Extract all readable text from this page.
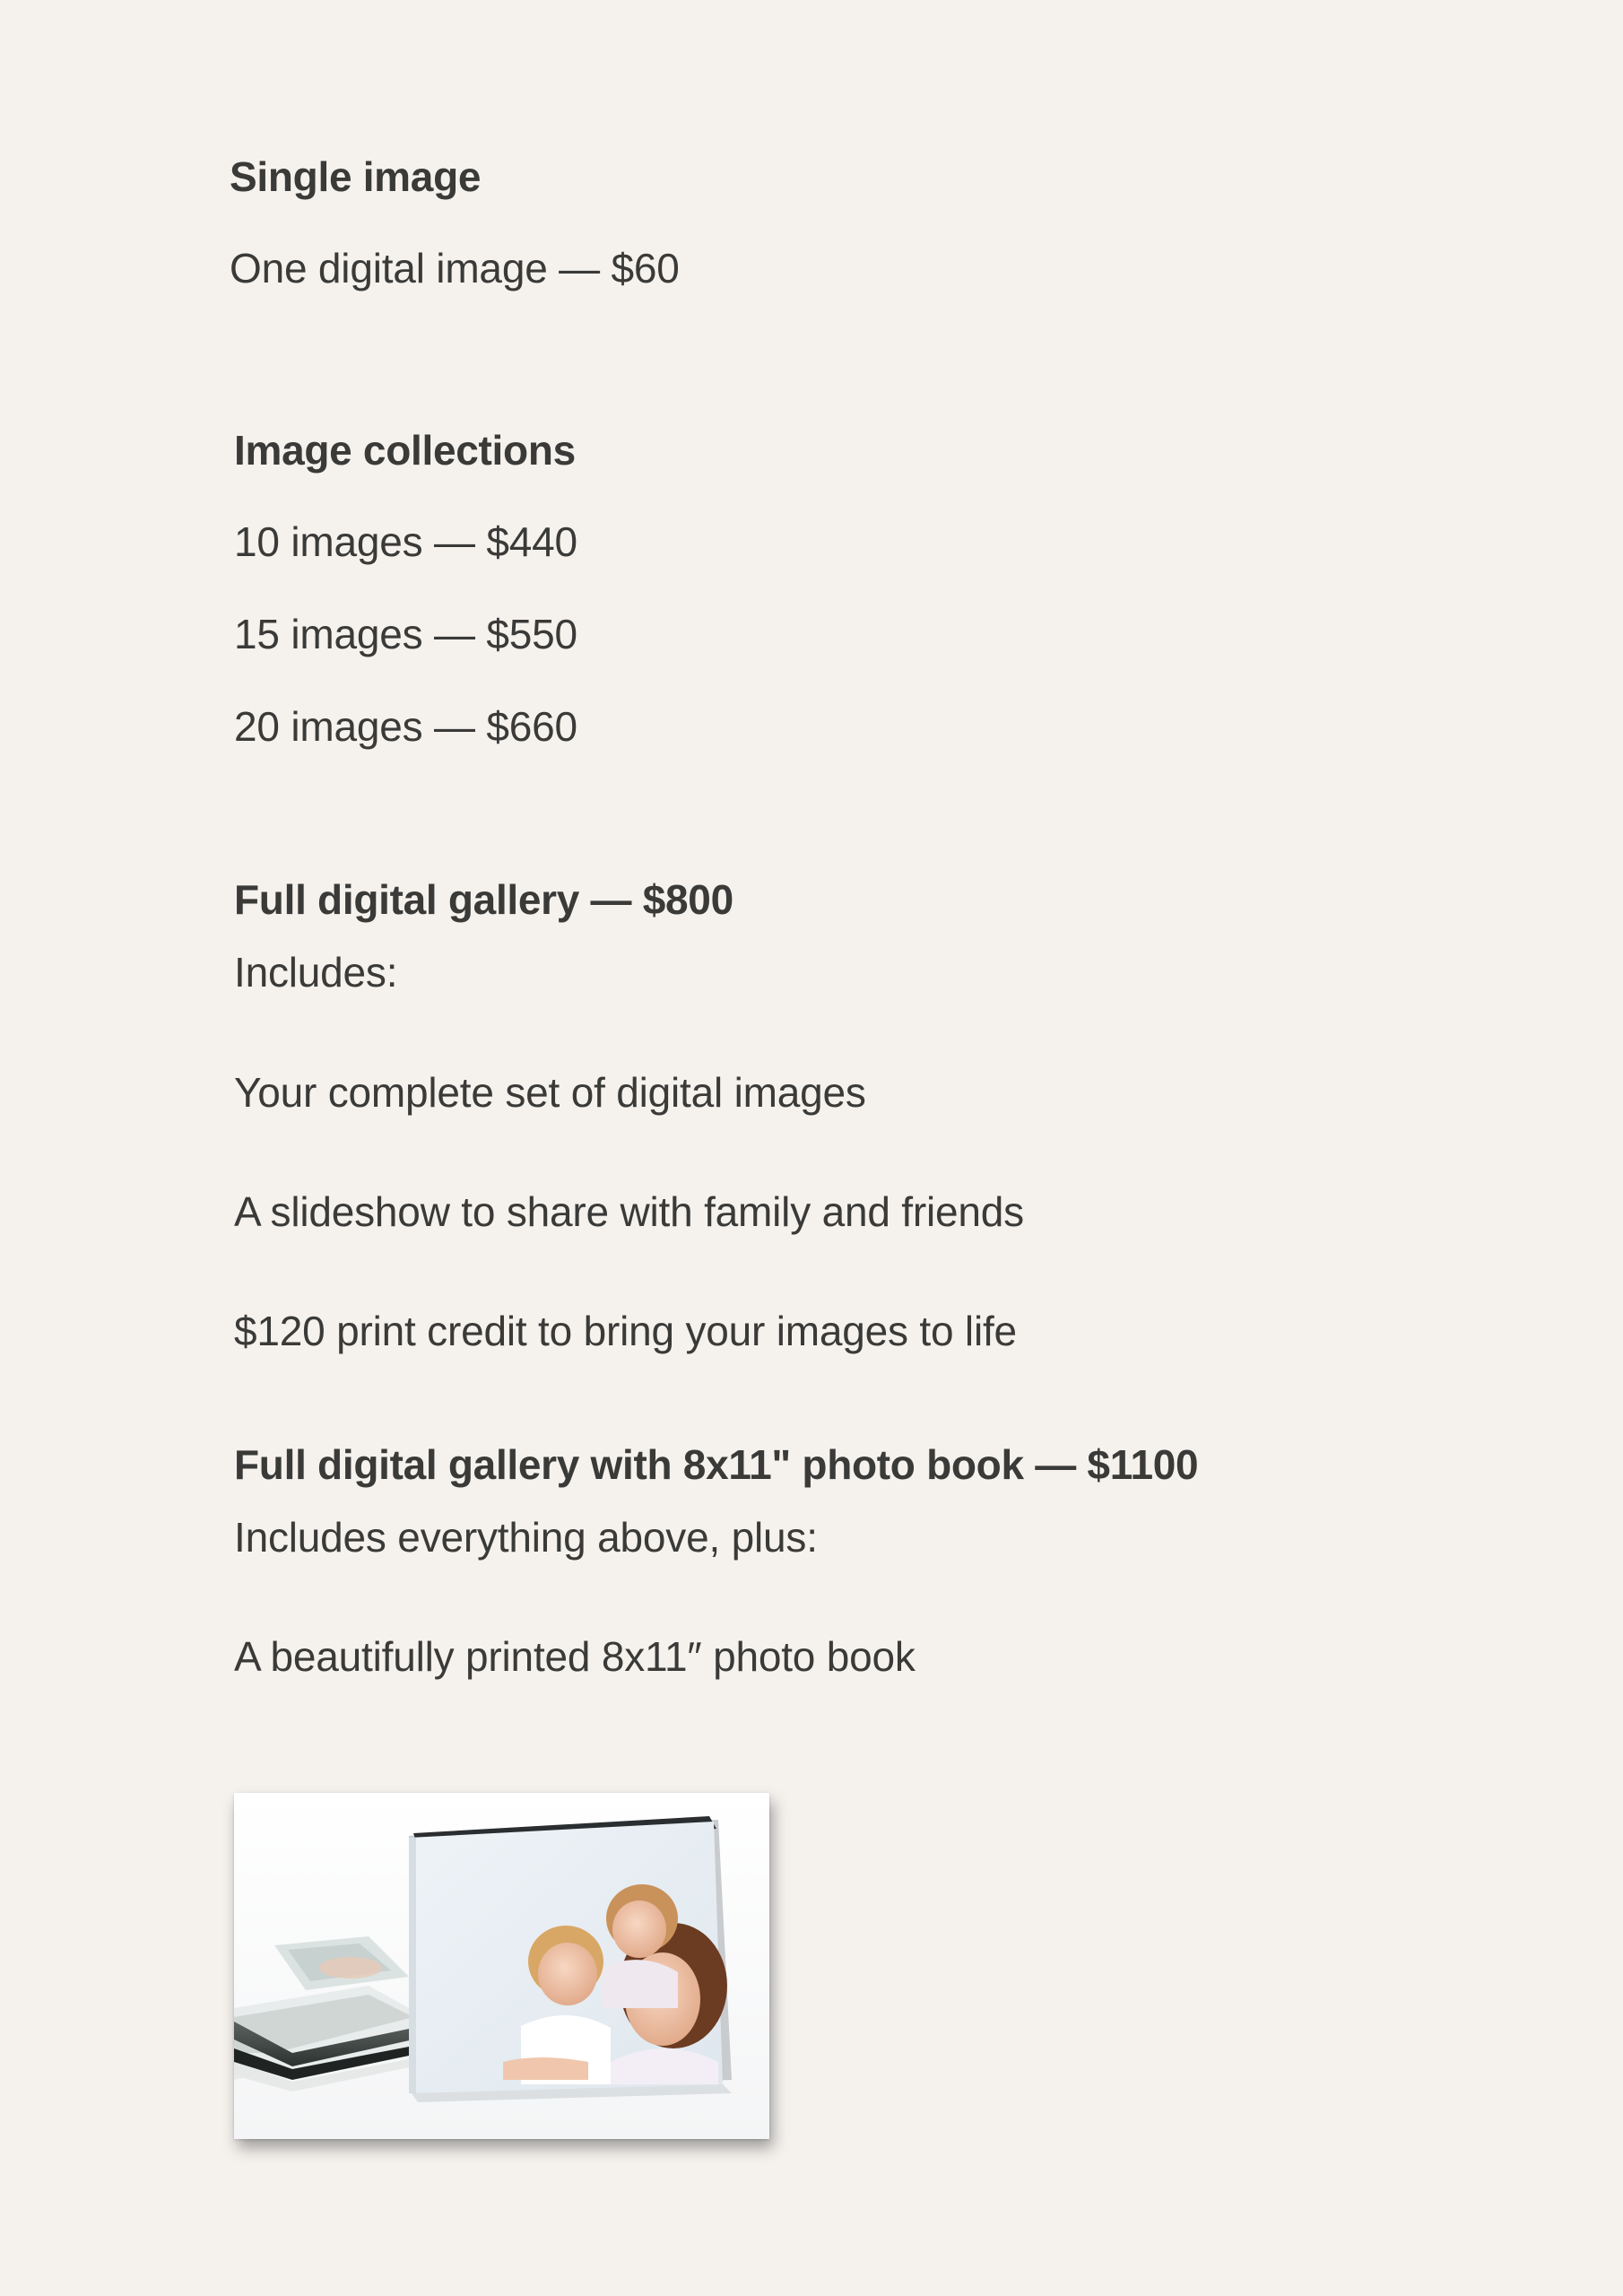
Single image
One digital image — $60
Image collections
10 images — $440
15 images — $550
20 images — $660
Full digital gallery — $800
Includes:
Your complete set of digital images
A slideshow to share with family and friends
$120 print credit to bring your images to life
Full digital gallery with 8x11" photo book — $1100
Includes everything above, plus:
A beautifully printed 8x11″ photo book
